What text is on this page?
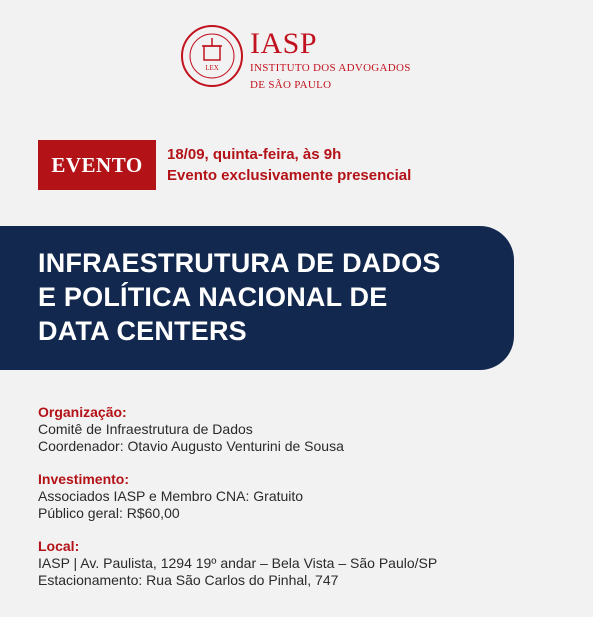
LEX
IASP
INSTITUTO DOS ADVOGADOS
DE SÃO PAULO
EVENTO	18/09, quinta-feira, às 9h
Evento exclusivamente presencial
INFRAESTRUTURA DE DADOS
E POLÍTICA NACIONAL DE
DATA CENTERS
Organização:
Comitê de Infraestrutura de Dados
Coordenador: Otavio Augusto Venturini de Sousa
Investimento:
Associados IASP e Membro CNA: Gratuito
Público geral: R$60,00
Local:
IASP | Av. Paulista, 1294 19º andar – Bela Vista – São Paulo/SP
Estacionamento: Rua São Carlos do Pinhal, 747
